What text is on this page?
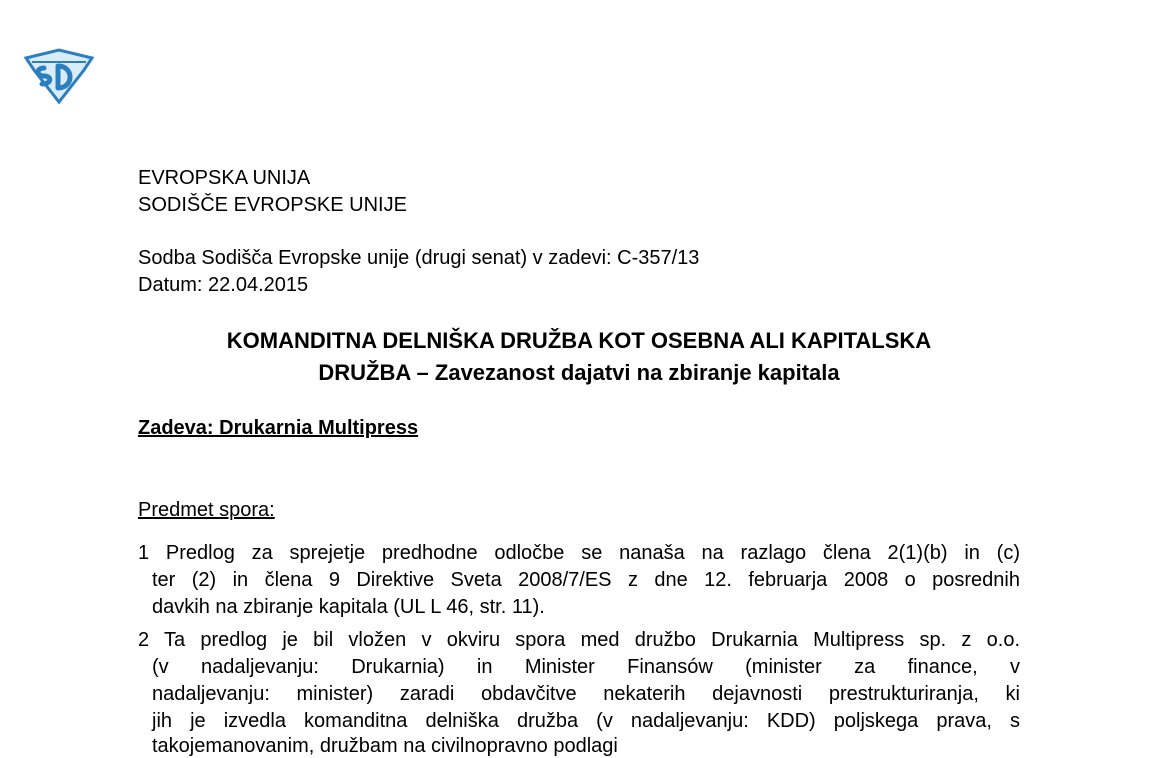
EVROPSKA UNIJA
SODIŠČE EVROPSKE UNIJE
Sodba Sodišča Evropske unije (drugi senat) v zadevi: C-357/13
Datum: 22.04.2015
KOMANDITNA DELNIŠKA DRUŽBA KOT OSEBNA ALI KAPITALSKA
DRUŽBA – Zavezanost dajatvi na zbiranje kapitala
Zadeva: Drukarnia Multipress
Predmet spora:
1 Predlog za sprejetje predhodne odločbe se nanaša na razlago člena 2(1)(b) in (c)
ter (2) in člena 9 Direktive Sveta 2008/7/ES z dne 12. februarja 2008 o posrednih
davkih na zbiranje kapitala (UL L 46, str. 11).
2 Ta predlog je bil vložen v okviru spora med družbo Drukarnia Multipress sp. z o.o.
(v nadaljevanju: Drukarnia) in Minister Finansów (minister za finance, v
nadaljevanju: minister) zaradi obdavčitve nekaterih dejavnosti prestrukturiranja, ki
jih je izvedla komanditna delniška družba (v nadaljevanju: KDD) poljskega prava, s
takojemanovanim, družbam na civilnopravno podlagi
